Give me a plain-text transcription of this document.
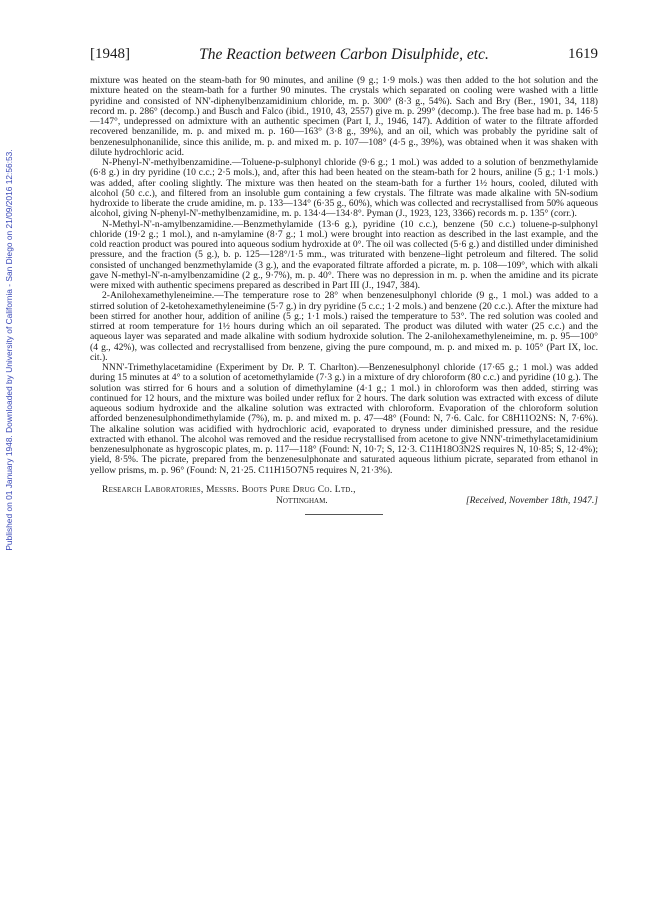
Published on 01 January 1948. Downloaded by University of California - San Diego on 21/09/2016 12:56:53.
[1948]	The Reaction between Carbon Disulphide, etc.	1619

mixture was heated on the steam-bath for 90 minutes, and aniline (9 g.; 1·9 mols.) was then added to the hot solution and the mixture heated on the steam-bath for a further 90 minutes. The crystals which separated on cooling were washed with a little pyridine and consisted of NN'-diphenylbenzamidinium chloride, m. p. 300° (8·3 g., 54%). Sach and Bry (Ber., 1901, 34, 118) record m. p. 286° (decomp.) and Busch and Falco (ibid., 1910, 43, 2557) give m. p. 299° (decomp.). The free base had m. p. 146·5—147°, undepressed on admixture with an authentic specimen (Part I, J., 1946, 147). Addition of water to the filtrate afforded recovered benzanilide, m. p. and mixed m. p. 160—163° (3·8 g., 39%), and an oil, which was probably the pyridine salt of benzenesulphonanilide, since this anilide, m. p. and mixed m. p. 107—108° (4·5 g., 39%), was obtained when it was shaken with dilute hydrochloric acid.

N-Phenyl-N'-methylbenzamidine.—Toluene-p-sulphonyl chloride (9·6 g.; 1 mol.) was added to a solution of benzmethylamide (6·8 g.) in dry pyridine (10 c.c.; 2·5 mols.), and, after this had been heated on the steam-bath for 2 hours, aniline (5 g.; 1·1 mols.) was added, after cooling slightly. The mixture was then heated on the steam-bath for a further 1½ hours, cooled, diluted with alcohol (50 c.c.), and filtered from an insoluble gum containing a few crystals. The filtrate was made alkaline with 5N-sodium hydroxide to liberate the crude amidine, m. p. 133—134° (6·35 g., 60%), which was collected and recrystallised from 50% aqueous alcohol, giving N-phenyl-N'-methylbenzamidine, m. p. 134·4—134·8°. Pyman (J., 1923, 123, 3366) records m. p. 135° (corr.).

N-Methyl-N'-n-amylbenzamidine.—Benzmethylamide (13·6 g.), pyridine (10 c.c.), benzene (50 c.c.) toluene-p-sulphonyl chloride (19·2 g.; 1 mol.), and n-amylamine (8·7 g.; 1 mol.) were brought into reaction as described in the last example, and the cold reaction product was poured into aqueous sodium hydroxide at 0°. The oil was collected (5·6 g.) and distilled under diminished pressure, and the fraction (5 g.), b. p. 125—128°/1·5 mm., was triturated with benzene–light petroleum and filtered. The solid consisted of unchanged benzmethylamide (3 g.), and the evaporated filtrate afforded a picrate, m. p. 108—109°, which with alkali gave N-methyl-N'-n-amylbenzamidine (2 g., 9·7%), m. p. 40°. There was no depression in m. p. when the amidine and its picrate were mixed with authentic specimens prepared as described in Part III (J., 1947, 384).

2-Anilohexamethyleneimine.—The temperature rose to 28° when benzenesulphonyl chloride (9 g., 1 mol.) was added to a stirred solution of 2-ketohexamethyleneimine (5·7 g.) in dry pyridine (5 c.c.; 1·2 mols.) and benzene (20 c.c.). After the mixture had been stirred for another hour, addition of aniline (5 g.; 1·1 mols.) raised the temperature to 53°. The red solution was cooled and stirred at room temperature for 1½ hours during which an oil separated. The product was diluted with water (25 c.c.) and the aqueous layer was separated and made alkaline with sodium hydroxide solution. The 2-anilohexamethyleneimine, m. p. 95—100° (4 g., 42%), was collected and recrystallised from benzene, giving the pure compound, m. p. and mixed m. p. 105° (Part IX, loc. cit.).

NNN'-Trimethylacetamidine (Experiment by Dr. P. T. Charlton).—Benzenesulphonyl chloride (17·65 g.; 1 mol.) was added during 15 minutes at 4° to a solution of acetomethylamide (7·3 g.) in a mixture of dry chloroform (80 c.c.) and pyridine (10 g.). The solution was stirred for 6 hours and a solution of dimethylamine (4·1 g.; 1 mol.) in chloroform was then added, stirring was continued for 12 hours, and the mixture was boiled under reflux for 2 hours. The dark solution was extracted with excess of dilute aqueous sodium hydroxide and the alkaline solution was extracted with chloroform. Evaporation of the chloroform solution afforded benzenesulphondimethylamide (7%), m. p. and mixed m. p. 47—48° (Found: N, 7·6. Calc. for C8H11O2NS: N, 7·6%). The alkaline solution was acidified with hydrochloric acid, evaporated to dryness under diminished pressure, and the residue extracted with ethanol. The alcohol was removed and the residue recrystallised from acetone to give NNN'-trimethylacetamidinium benzenesulphonate as hygroscopic plates, m. p. 117—118° (Found: N, 10·7; S, 12·3. C11H18O3N2S requires N, 10·85; S, 12·4%); yield, 8·5%. The picrate, prepared from the benzenesulphonate and saturated aqueous lithium picrate, separated from ethanol in yellow prisms, m. p. 96° (Found: N, 21·25. C11H15O7N5 requires N, 21·3%).

Research Laboratories, Messrs. Boots Pure Drug Co. Ltd.,
Nottingham.	[Received, November 18th, 1947.]
